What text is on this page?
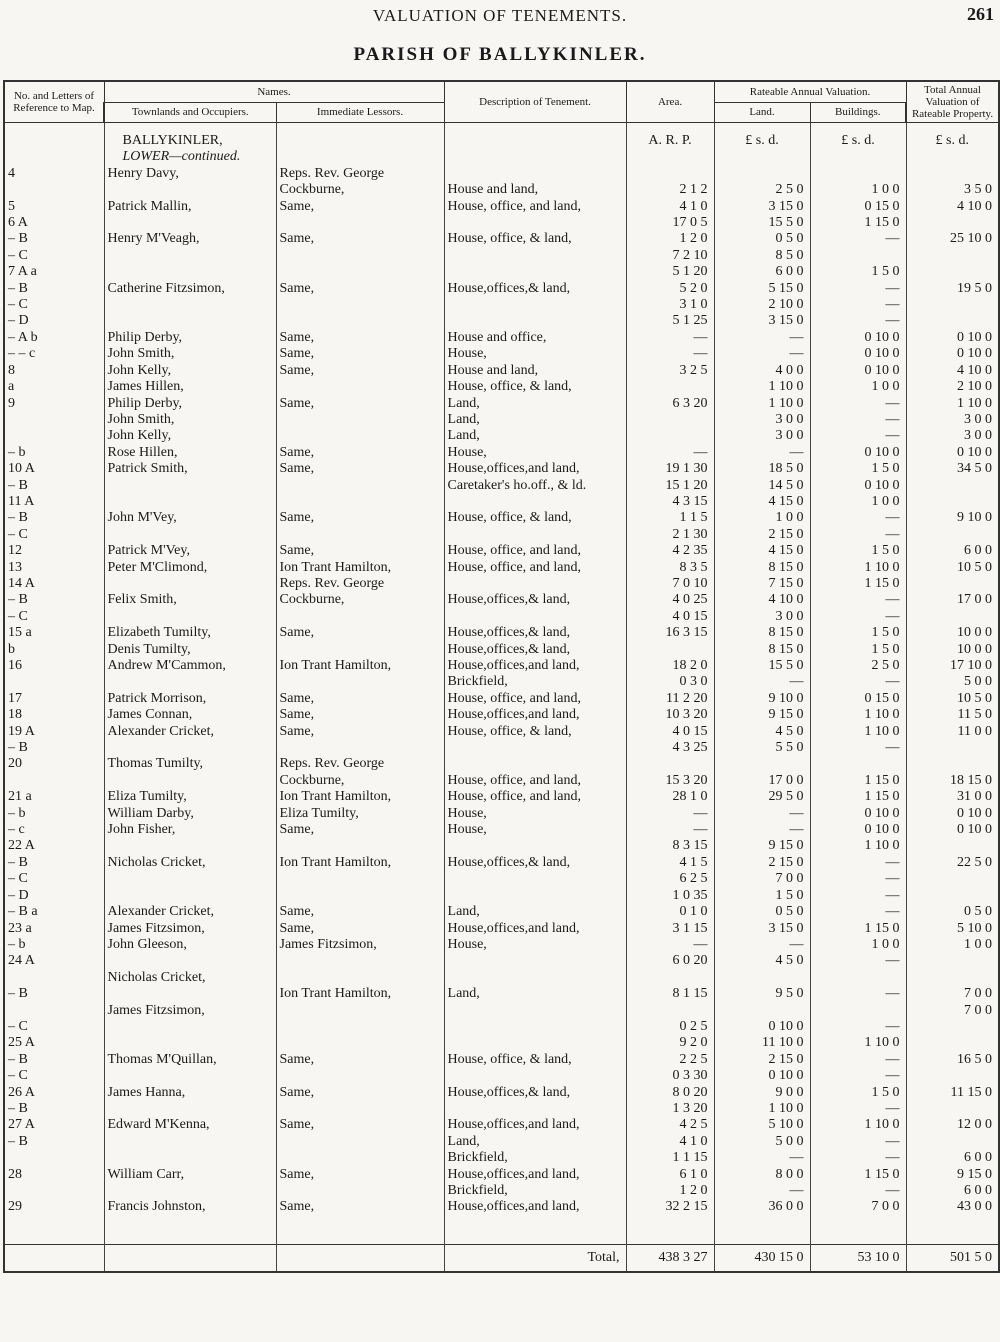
VALUATION OF TENEMENTS.	261
PARISH OF BALLYKINLER.
No. and Letters of Reference to Map.	Names.		Description of Tenement.	Area.	Rateable Annual Valuation.		Total Annual Valuation of Rateable Property.
	Townlands and Occupiers.	Immediate Lessors.			Land.	Buildings.	

	BALLYKINLER,			A. R. P.	£ s. d.	£ s. d.	£ s. d.
	LOWER—continued.						
4	Henry Davy,	Reps. Rev. George					
		Cockburne,	House and land,	2 1 2	2 5 0	1 0 0	3 5 0
5	Patrick Mallin,	Same,	House, office, and land,	4 1 0	3 15 0	0 15 0	4 10 0
6 A				17 0 5	15 5 0	1 15 0	
– B	Henry M'Veagh,	Same,	House, office, & land,	1 2 0	0 5 0	—	25 10 0
– C				7 2 10	8 5 0		
7 A a				5 1 20	6 0 0	1 5 0	
– B	Catherine Fitzsimon,	Same,	House,offices,& land,	5 2 0	5 15 0	—	19 5 0
– C				3 1 0	2 10 0	—	
– D				5 1 25	3 15 0	—	
– A b	Philip Derby,	Same,	House and office,	—	—	0 10 0	0 10 0
– – c	John Smith,	Same,	House,	—	—	0 10 0	0 10 0
8	John Kelly,	Same,	House and land,	3 2 5	4 0 0	0 10 0	4 10 0
a	James Hillen,		House, office, & land,		1 10 0	1 0 0	2 10 0
9	Philip Derby,	Same,	Land,	6 3 20	1 10 0	—	1 10 0
	John Smith,		Land,		3 0 0	—	3 0 0
	John Kelly,		Land,		3 0 0	—	3 0 0
– b	Rose Hillen,	Same,	House,	—	—	0 10 0	0 10 0
10 A	Patrick Smith,	Same,	House,offices,and land,	19 1 30	18 5 0	1 5 0	34 5 0
– B			Caretaker's ho.off., & ld.	15 1 20	14 5 0	0 10 0	
11 A				4 3 15	4 15 0	1 0 0	
– B	John M'Vey,	Same,	House, office, & land,	1 1 5	1 0 0	—	9 10 0
– C				2 1 30	2 15 0	—	
12	Patrick M'Vey,	Same,	House, office, and land,	4 2 35	4 15 0	1 5 0	6 0 0
13	Peter M'Climond,	Ion Trant Hamilton,	House, office, and land,	8 3 5	8 15 0	1 10 0	10 5 0
14 A		Reps. Rev. George		7 0 10	7 15 0	1 15 0	
– B	Felix Smith,	Cockburne,	House,offices,& land,	4 0 25	4 10 0	—	17 0 0
– C				4 0 15	3 0 0	—	
15 a	Elizabeth Tumilty,	Same,	House,offices,& land,	16 3 15	8 15 0	1 5 0	10 0 0
b	Denis Tumilty,		House,offices,& land,		8 15 0	1 5 0	10 0 0
16	Andrew M'Cammon,	Ion Trant Hamilton,	House,offices,and land,	18 2 0	15 5 0	2 5 0	17 10 0
			Brickfield,	0 3 0	—	—	5 0 0
17	Patrick Morrison,	Same,	House, office, and land,	11 2 20	9 10 0	0 15 0	10 5 0
18	James Connan,	Same,	House,offices,and land,	10 3 20	9 15 0	1 10 0	11 5 0
19 A	Alexander Cricket,	Same,	House, office, & land,	4 0 15	4 5 0	1 10 0	11 0 0
– B				4 3 25	5 5 0	—	
20	Thomas Tumilty,	Reps. Rev. George					
		Cockburne,	House, office, and land,	15 3 20	17 0 0	1 15 0	18 15 0
21 a	Eliza Tumilty,	Ion Trant Hamilton,	House, office, and land,	28 1 0	29 5 0	1 15 0	31 0 0
– b	William Darby,	Eliza Tumilty,	House,	—	—	0 10 0	0 10 0
– c	John Fisher,	Same,	House,	—	—	0 10 0	0 10 0
22 A				8 3 15	9 15 0	1 10 0	
– B	Nicholas Cricket,	Ion Trant Hamilton,	House,offices,& land,	4 1 5	2 15 0	—	22 5 0
– C				6 2 5	7 0 0	—	
– D				1 0 35	1 5 0	—	
– B a	Alexander Cricket,	Same,	Land,	0 1 0	0 5 0	—	0 5 0
23 a	James Fitzsimon,	Same,	House,offices,and land,	3 1 15	3 15 0	1 15 0	5 10 0
– b	John Gleeson,	James Fitzsimon,	House,	—	—	1 0 0	1 0 0
24 A				6 0 20	4 5 0	—	
	Nicholas Cricket,						
– B		Ion Trant Hamilton,	Land,	8 1 15	9 5 0	—	7 0 0
	James Fitzsimon,						7 0 0
– C				0 2 5	0 10 0	—	
25 A				9 2 0	11 10 0	1 10 0	
– B	Thomas M'Quillan,	Same,	House, office, & land,	2 2 5	2 15 0	—	16 5 0
– C				0 3 30	0 10 0	—	
26 A	James Hanna,	Same,	House,offices,& land,	8 0 20	9 0 0	1 5 0	11 15 0
– B				1 3 20	1 10 0	—	
27 A	Edward M'Kenna,	Same,	House,offices,and land,	4 2 5	5 10 0	1 10 0	12 0 0
– B			Land,	4 1 0	5 0 0	—	
			Brickfield,	1 1 15	—	—	6 0 0
28	William Carr,	Same,	House,offices,and land,	6 1 0	8 0 0	1 15 0	9 15 0
			Brickfield,	1 2 0	—	—	6 0 0
29	Francis Johnston,	Same,	House,offices,and land,	32 2 15	36 0 0	7 0 0	43 0 0

			Total,	438 3 27	430 15 0	53 10 0	501 5 0
